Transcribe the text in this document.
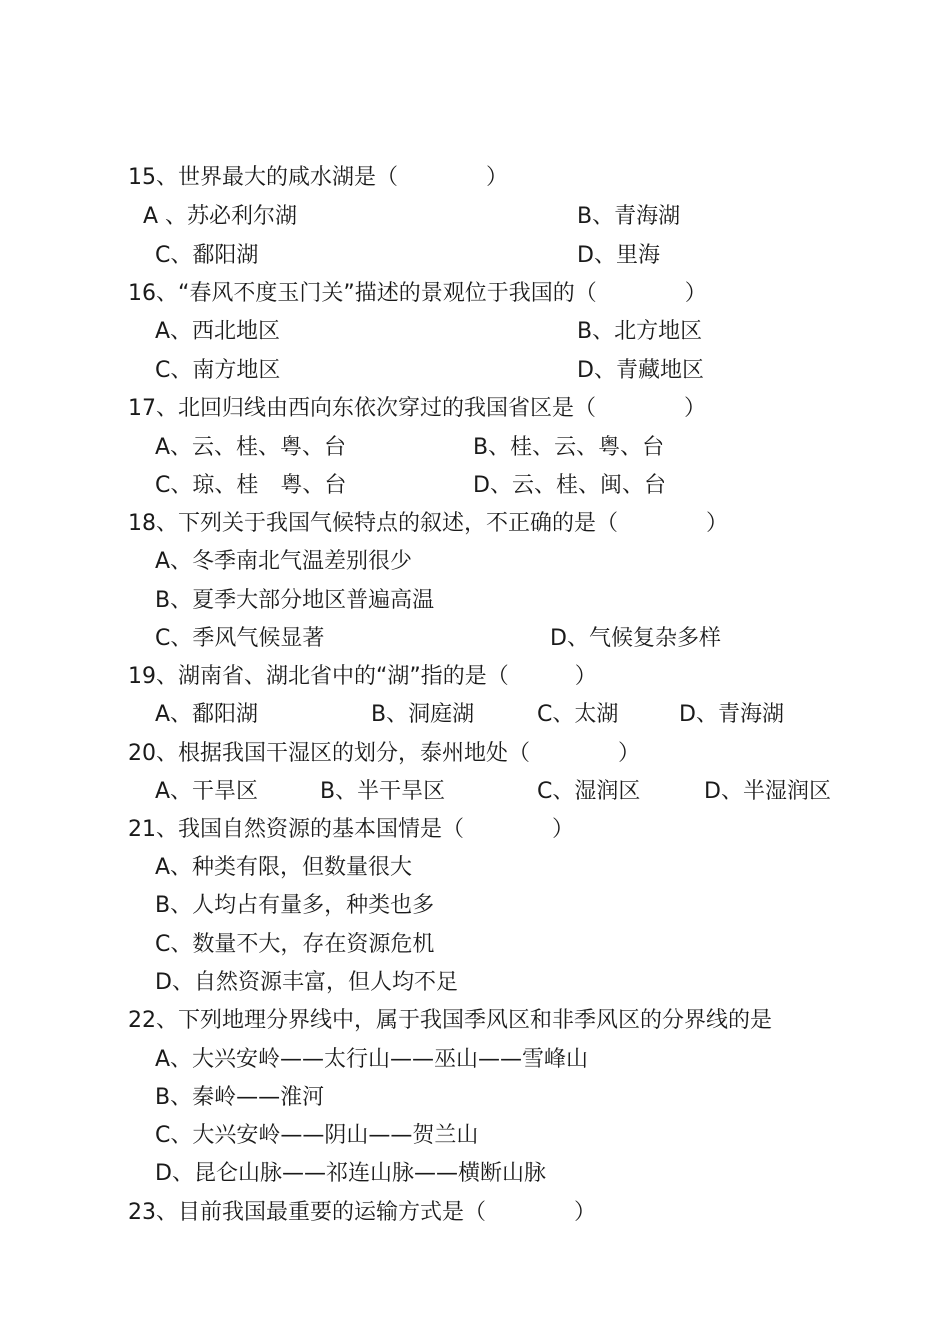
15、世界最大的咸水湖是（　　　　）
A 、苏必利尔湖	B、青海湖
C、鄱阳湖	D、里海
16、“春风不度玉门关”描述的景观位于我国的（　　　　）
A、西北地区	B、北方地区
C、南方地区	D、青藏地区
17、北回归线由西向东依次穿过的我国省区是（　　　　）
A、云、桂、粤、台	B、桂、云、粤、台
C、琼、桂　粤、台	D、云、桂、闽、台
18、下列关于我国气候特点的叙述，不正确的是（　　　　）
A、冬季南北气温差别很少
B、夏季大部分地区普遍高温
C、季风气候显著	D、气候复杂多样
19、湖南省、湖北省中的“湖”指的是（　　　）
A、鄱阳湖	B、洞庭湖	C、太湖	D、青海湖
20、根据我国干湿区的划分，泰州地处（　　　　）
A、干旱区	B、半干旱区	C、湿润区	D、半湿润区
21、我国自然资源的基本国情是（　　　　）
A、种类有限，但数量很大
B、人均占有量多，种类也多
C、数量不大，存在资源危机
D、自然资源丰富，但人均不足
22、下列地理分界线中，属于我国季风区和非季风区的分界线的是
A、大兴安岭——太行山——巫山——雪峰山
B、秦岭——淮河
C、大兴安岭——阴山——贺兰山
D、昆仑山脉——祁连山脉——横断山脉
23、目前我国最重要的运输方式是（　　　　）
